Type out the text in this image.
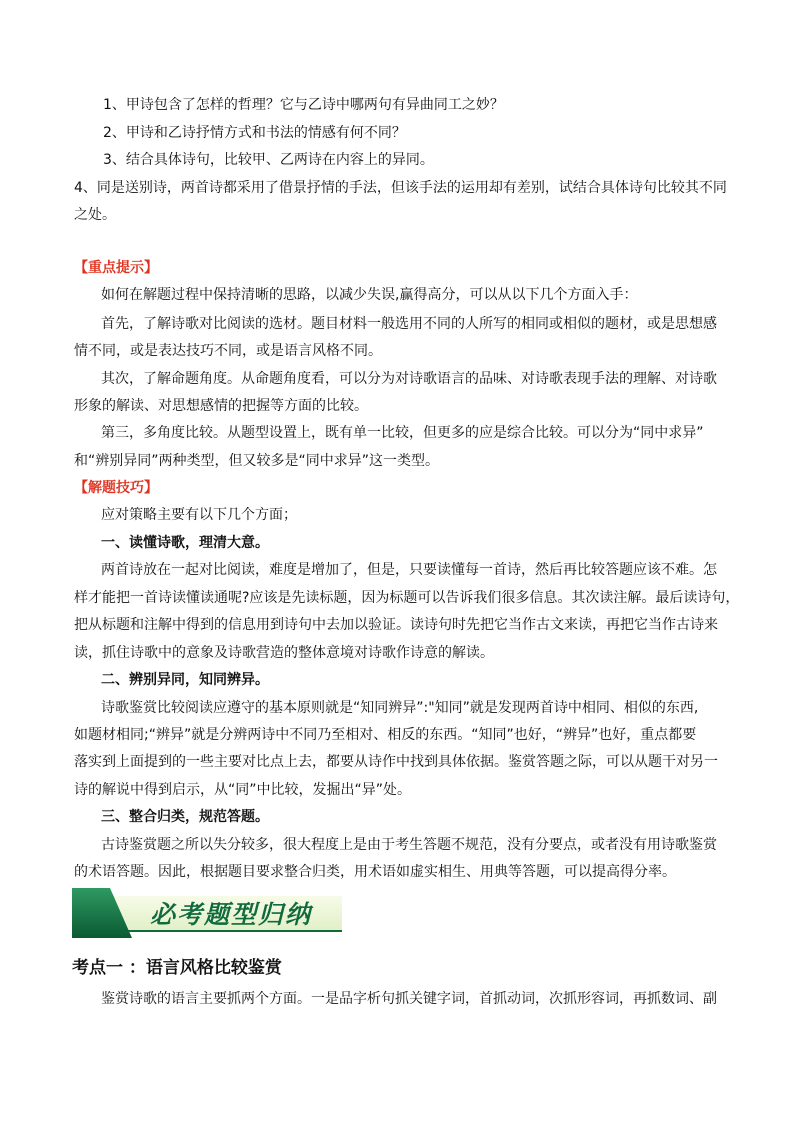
1、甲诗包含了怎样的哲理？它与乙诗中哪两句有异曲同工之妙？
2、甲诗和乙诗抒情方式和书法的情感有何不同？
3、结合具体诗句，比较甲、乙两诗在内容上的异同。
4、同是送别诗，两首诗都采用了借景抒情的手法，但该手法的运用却有差别，试结合具体诗句比较其不同
之处。
【重点提示】
如何在解题过程中保持清晰的思路，以减少失误,赢得高分，可以从以下几个方面入手：
首先，了解诗歌对比阅读的选材。题目材料一般选用不同的人所写的相同或相似的题材，或是思想感
情不同，或是表达技巧不同，或是语言风格不同。
其次，了解命题角度。从命题角度看，可以分为对诗歌语言的品味、对诗歌表现手法的理解、对诗歌
形象的解读、对思想感情的把握等方面的比较。
第三，多角度比较。从题型设置上，既有单一比较，但更多的应是综合比较。可以分为“同中求异”
和“辨别异同”两种类型，但又较多是“同中求异”这一类型。
【解题技巧】
应对策略主要有以下几个方面；
一、读懂诗歌，理清大意。
两首诗放在一起对比阅读，难度是增加了，但是，只要读懂每一首诗，然后再比较答题应该不难。怎
样才能把一首诗读懂读通呢?应该是先读标题，因为标题可以告诉我们很多信息。其次读注解。最后读诗句，
把从标题和注解中得到的信息用到诗句中去加以验证。读诗句时先把它当作古文来读，再把它当作古诗来
读，抓住诗歌中的意象及诗歌营造的整体意境对诗歌作诗意的解读。
二、辨别异同，知同辨异。
诗歌鉴赏比较阅读应遵守的基本原则就是“知同辨异”:"知同”就是发现两首诗中相同、相似的东西,
如题材相同;“辨异”就是分辨两诗中不同乃至相对、相反的东西。“知同”也好，“辨异”也好，重点都要
落实到上面提到的一些主要对比点上去，都要从诗作中找到具体依据。鉴赏答题之际，可以从题干对另一
诗的解说中得到启示，从“同”中比较，发掘出“异”处。
三、整合归类，规范答题。
古诗鉴赏题之所以失分较多，很大程度上是由于考生答题不规范，没有分要点，或者没有用诗歌鉴赏
的术语答题。因此，根据题目要求整合归类，用术语如虚实相生、用典等答题，可以提高得分率。
必考题型归纳
考点一 ：语言风格比较鉴赏
鉴赏诗歌的语言主要抓两个方面。一是品字析句抓关键字词，首抓动词，次抓形容词，再抓数词、副
